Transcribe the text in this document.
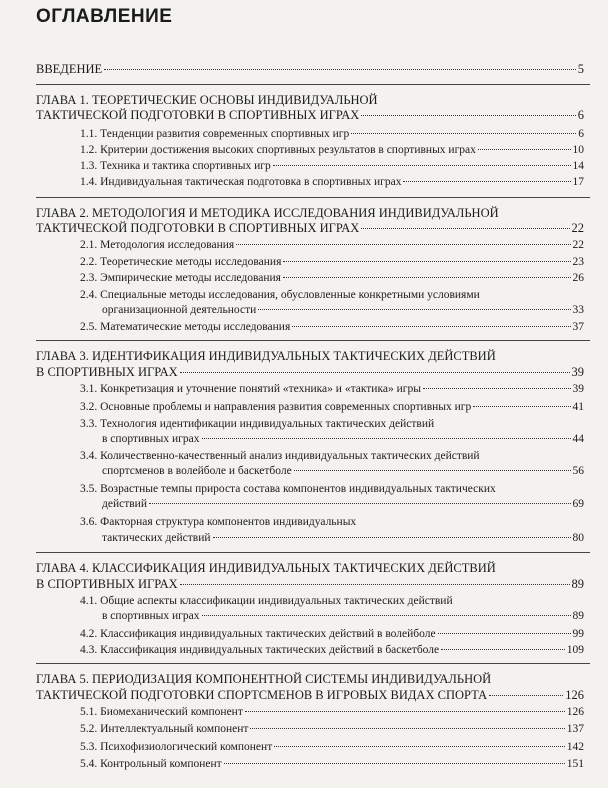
ОГЛАВЛЕНИЕ
ВВЕДЕНИЕ	5
ГЛАВА 1. ТЕОРЕТИЧЕСКИЕ ОСНОВЫ ИНДИВИДУАЛЬНОЙ
ТАКТИЧЕСКОЙ ПОДГОТОВКИ В СПОРТИВНЫХ ИГРАХ	6
1.1. Тенденции развития современных спортивных игр	6
1.2. Критерии достижения высоких спортивных результатов в спортивных играх	10
1.3. Техника и тактика спортивных игр	14
1.4. Индивидуальная тактическая подготовка в спортивных играх	17
ГЛАВА 2. МЕТОДОЛОГИЯ И МЕТОДИКА ИССЛЕДОВАНИЯ ИНДИВИДУАЛЬНОЙ
ТАКТИЧЕСКОЙ ПОДГОТОВКИ В СПОРТИВНЫХ ИГРАХ	22
2.1. Методология исследования	22
2.2. Теоретические методы исследования	23
2.3. Эмпирические методы исследования	26
2.4. Специальные методы исследования, обусловленные конкретными условиями
организационной деятельности	33
2.5. Математические методы исследования	37
ГЛАВА 3. ИДЕНТИФИКАЦИЯ ИНДИВИДУАЛЬНЫХ ТАКТИЧЕСКИХ ДЕЙСТВИЙ
В СПОРТИВНЫХ ИГРАХ	39
3.1. Конкретизация и уточнение понятий «техника» и «тактика» игры	39
3.2. Основные проблемы и направления развития современных спортивных игр	41
3.3. Технология идентификации индивидуальных тактических действий
в спортивных играх	44
3.4. Количественно-качественный анализ индивидуальных тактических действий
спортсменов в волейболе и баскетболе	56
3.5. Возрастные темпы прироста состава компонентов индивидуальных тактических
действий	69
3.6. Факторная структура компонентов индивидуальных
тактических действий	80
ГЛАВА 4. КЛАССИФИКАЦИЯ ИНДИВИДУАЛЬНЫХ ТАКТИЧЕСКИХ ДЕЙСТВИЙ
В СПОРТИВНЫХ ИГРАХ	89
4.1. Общие аспекты классификации индивидуальных тактических действий
в спортивных играх	89
4.2. Классификация индивидуальных тактических действий в волейболе	99
4.3. Классификация индивидуальных тактических действий в баскетболе	109
ГЛАВА 5. ПЕРИОДИЗАЦИЯ КОМПОНЕНТНОЙ СИСТЕМЫ ИНДИВИДУАЛЬНОЙ
ТАКТИЧЕСКОЙ ПОДГОТОВКИ СПОРТСМЕНОВ В ИГРОВЫХ ВИДАХ СПОРТА	126
5.1. Биомеханический компонент	126
5.2. Интеллектуальный компонент	137
5.3. Психофизиологический компонент	142
5.4. Контрольный компонент	151
